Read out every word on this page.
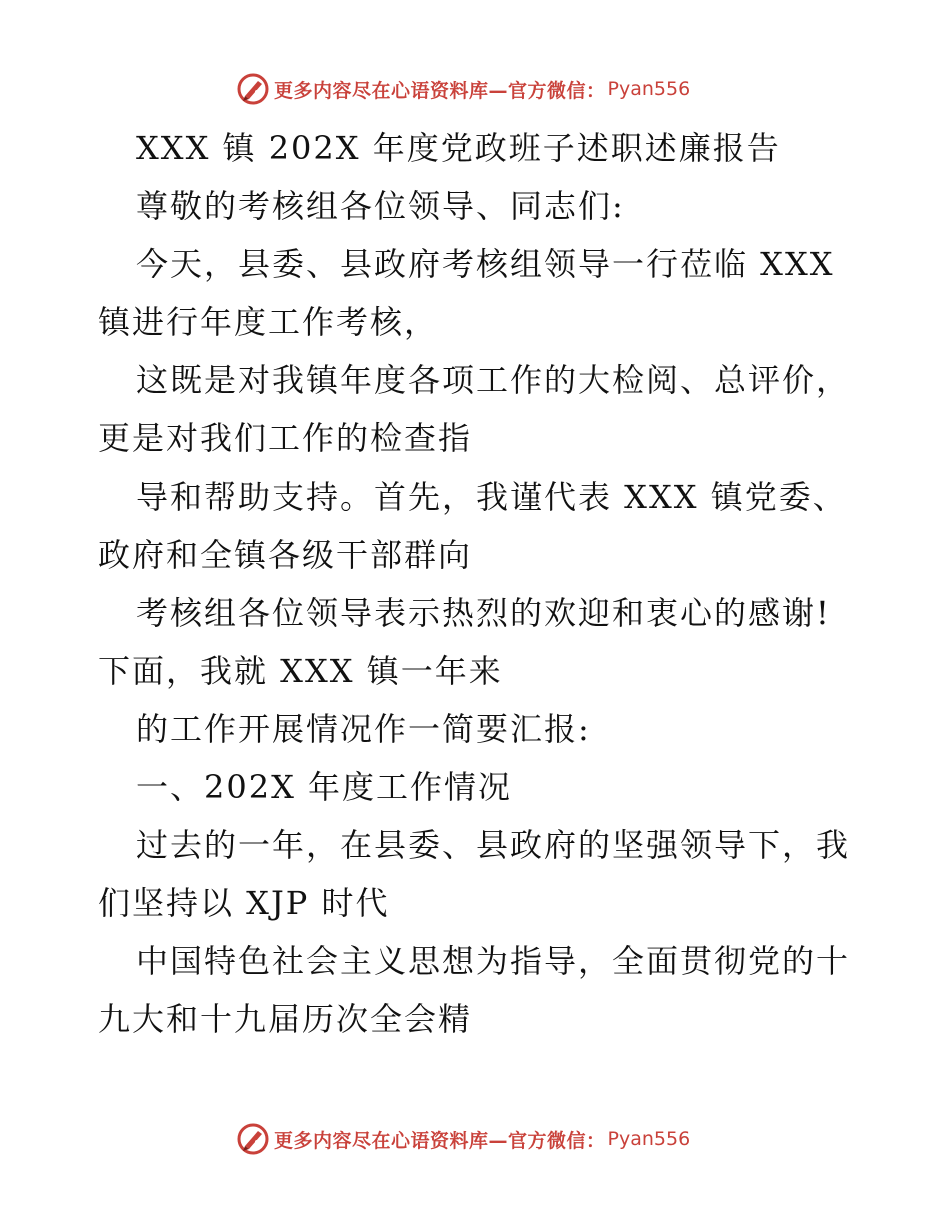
更多内容尽在心语资料库—官方微信： Pyan556
XXX 镇 202X 年度党政班子述职述廉报告
尊敬的考核组各位领导、同志们:
今天，县委、县政府考核组领导一行莅临 XXX
镇进行年度工作考核，
这既是对我镇年度各项工作的大检阅、总评价，
更是对我们工作的检查指
导和帮助支持。首先，我谨代表 XXX 镇党委、
政府和全镇各级干部群向
考核组各位领导表示热烈的欢迎和衷心的感谢!
下面，我就 XXX 镇一年来
的工作开展情况作一简要汇报:
一、202X 年度工作情况
过去的一年，在县委、县政府的坚强领导下，我
们坚持以 XJP 时代
中国特色社会主义思想为指导，全面贯彻党的十
九大和十九届历次全会精
更多内容尽在心语资料库—官方微信： Pyan556
